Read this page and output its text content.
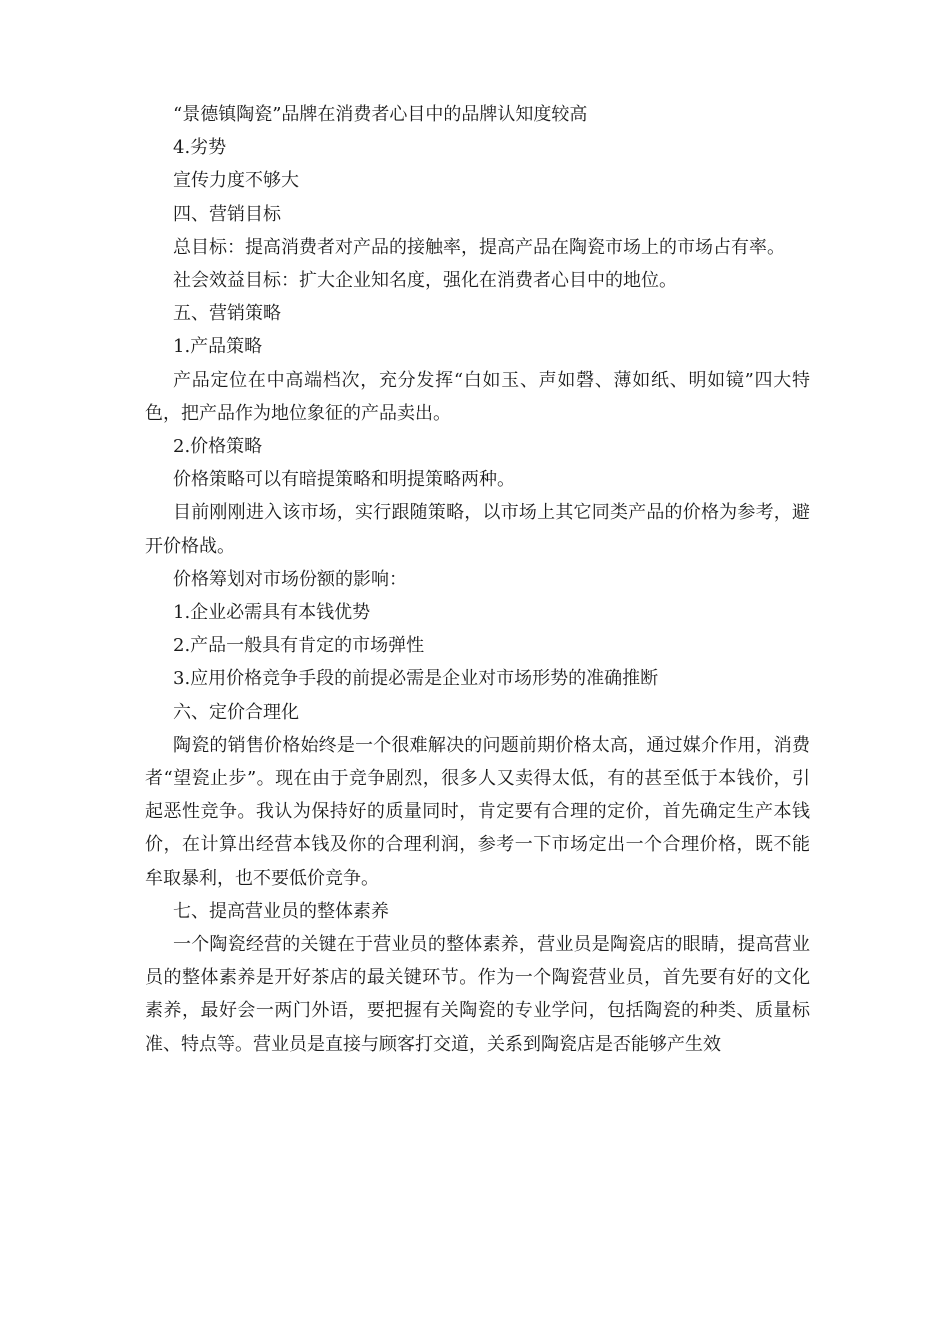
“景德镇陶瓷”品牌在消费者心目中的品牌认知度较高

4.劣势

宣传力度不够大

四、营销目标

总目标：提高消费者对产品的接触率，提高产品在陶瓷市场上的市场占有率。

社会效益目标：扩大企业知名度，强化在消费者心目中的地位。

五、营销策略

1.产品策略

产品定位在中高端档次，充分发挥“白如玉、声如磬、薄如纸、明如镜”四大特色，把产品作为地位象征的产品卖出。

2.价格策略

价格策略可以有暗提策略和明提策略两种。

目前刚刚进入该市场，实行跟随策略，以市场上其它同类产品的价格为参考，避开价格战。

价格筹划对市场份额的影响：

1.企业必需具有本钱优势

2.产品一般具有肯定的市场弹性

3.应用价格竞争手段的前提必需是企业对市场形势的准确推断

六、定价合理化

陶瓷的销售价格始终是一个很难解决的问题前期价格太高，通过媒介作用，消费者“望瓷止步”。现在由于竞争剧烈，很多人又卖得太低，有的甚至低于本钱价，引起恶性竞争。我认为保持好的质量同时，肯定要有合理的定价，首先确定生产本钱价，在计算出经营本钱及你的合理利润，参考一下市场定出一个合理价格，既不能牟取暴利，也不要低价竞争。

七、提高营业员的整体素养

一个陶瓷经营的关键在于营业员的整体素养，营业员是陶瓷店的眼睛，提高营业员的整体素养是开好茶店的最关键环节。作为一个陶瓷营业员，首先要有好的文化素养，最好会一两门外语，要把握有关陶瓷的专业学问，包括陶瓷的种类、质量标准、特点等。营业员是直接与顾客打交道，关系到陶瓷店是否能够产生效
